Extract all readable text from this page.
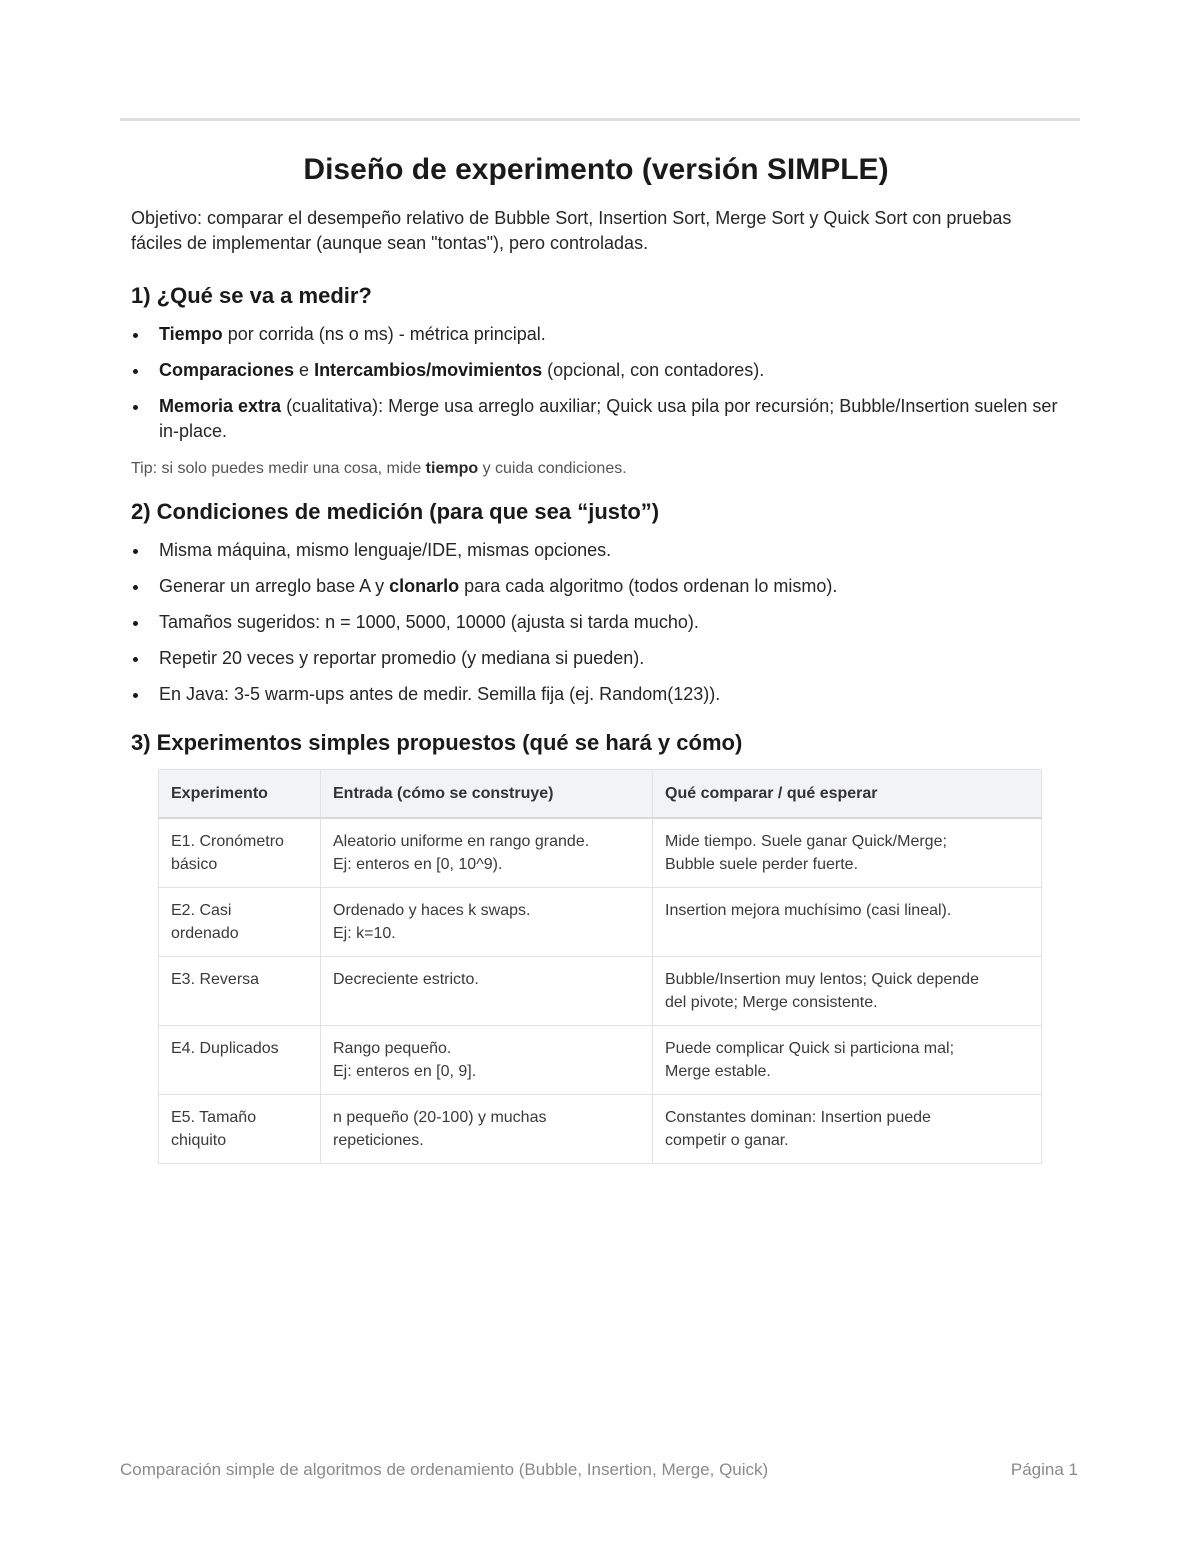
Diseño de experimento (versión SIMPLE)

Objetivo: comparar el desempeño relativo de Bubble Sort, Insertion Sort, Merge Sort y Quick Sort con pruebas fáciles de implementar (aunque sean "tontas"), pero controladas.

1) ¿Qué se va a medir?
Tiempo por corrida (ns o ms) - métrica principal.
Comparaciones e Intercambios/movimientos (opcional, con contadores).
Memoria extra (cualitativa): Merge usa arreglo auxiliar; Quick usa pila por recursión; Bubble/Insertion suelen ser in-place.

Tip: si solo puedes medir una cosa, mide tiempo y cuida condiciones.

2) Condiciones de medición (para que sea “justo”)
Misma máquina, mismo lenguaje/IDE, mismas opciones.
Generar un arreglo base A y clonarlo para cada algoritmo (todos ordenan lo mismo).
Tamaños sugeridos: n = 1000, 5000, 10000 (ajusta si tarda mucho).
Repetir 20 veces y reportar promedio (y mediana si pueden).
En Java: 3-5 warm-ups antes de medir. Semilla fija (ej. Random(123)).
3) Experimentos simples propuestos (qué se hará y cómo)
Experimento	Entrada (cómo se construye)	Qué comparar / qué esperar

E1. Cronómetro
básico	Aleatorio uniforme en rango grande.
Ej: enteros en [0, 10^9).	Mide tiempo. Suele ganar Quick/Merge;
Bubble suele perder fuerte.

E2. Casi
ordenado	Ordenado y haces k swaps.
Ej: k=10.	Insertion mejora muchísimo (casi lineal).

E3. Reversa	Decreciente estricto.	Bubble/Insertion muy lentos; Quick depende
del pivote; Merge consistente.

E4. Duplicados	Rango pequeño.
Ej: enteros en [0, 9].	Puede complicar Quick si particiona mal;
Merge estable.

E5. Tamaño
chiquito	n pequeño (20-100) y muchas
repeticiones.	Constantes dominan: Insertion puede
competir o ganar.
Comparación simple de algoritmos de ordenamiento (Bubble, Insertion, Merge, Quick)	Página 1
